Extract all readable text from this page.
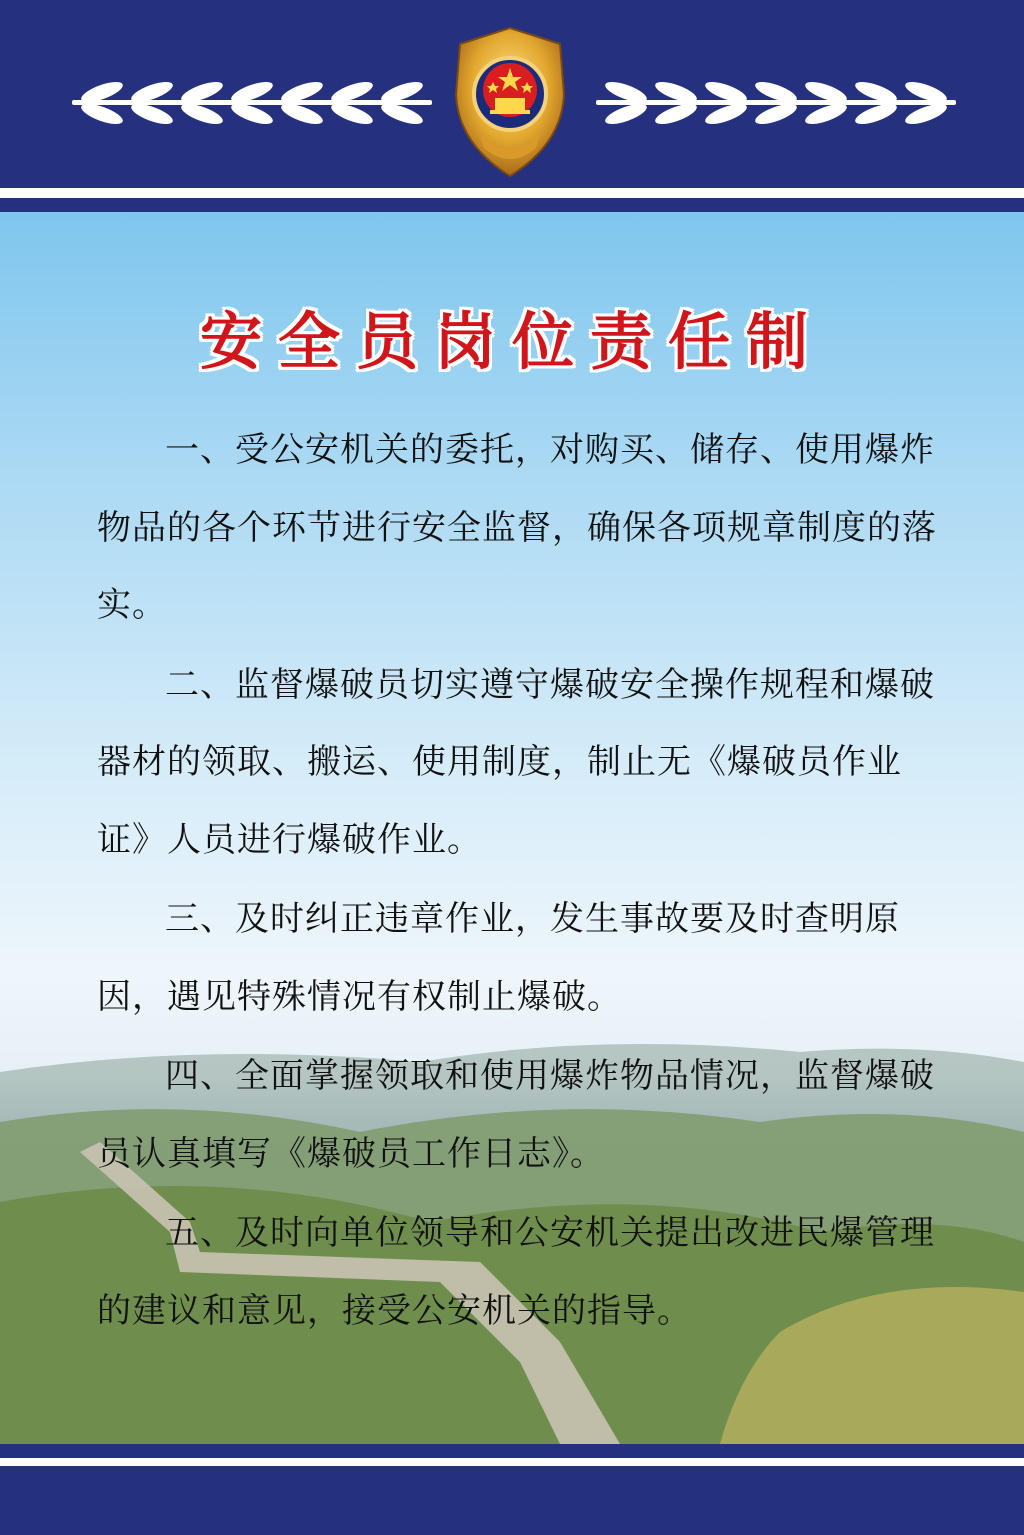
安全员岗位责任制

一、受公安机关的委托，对购买、储存、使用爆炸物品的各个环节进行安全监督，确保各项规章制度的落实。

二、监督爆破员切实遵守爆破安全操作规程和爆破器材的领取、搬运、使用制度，制止无《爆破员作业证》人员进行爆破作业。

三、及时纠正违章作业，发生事故要及时查明原因，遇见特殊情况有权制止爆破。

四、全面掌握领取和使用爆炸物品情况，监督爆破员认真填写《爆破员工作日志》。

五、及时向单位领导和公安机关提出改进民爆管理的建议和意见，接受公安机关的指导。
